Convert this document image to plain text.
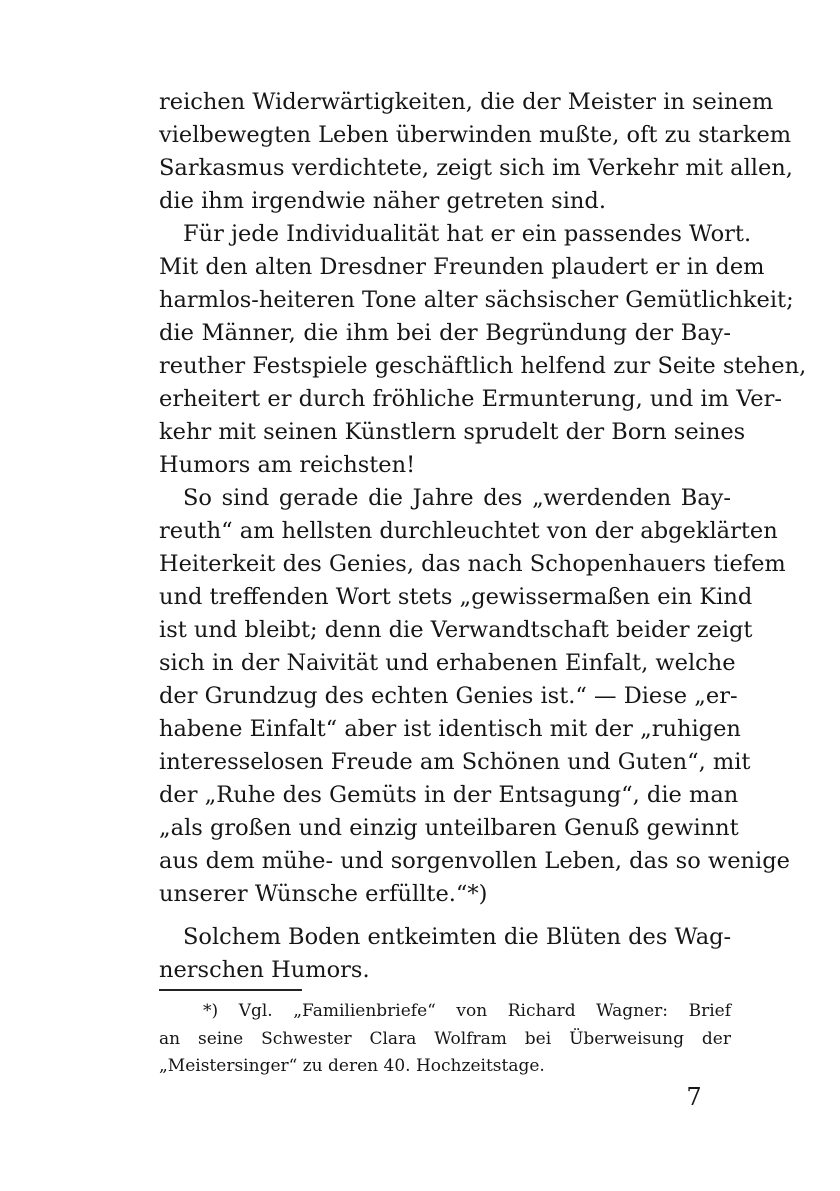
reichen Widerwärtigkeiten, die der Meister in seinem
vielbewegten Leben überwinden mußte, oft zu starkem
Sarkasmus verdichtete, zeigt sich im Verkehr mit allen,
die ihm irgendwie näher getreten sind.
Für jede Individualität hat er ein passendes Wort.
Mit den alten Dresdner Freunden plaudert er in dem
harmlos-heiteren Tone alter sächsischer Gemütlichkeit;
die Männer, die ihm bei der Begründung der Bay-
reuther Festspiele geschäftlich helfend zur Seite stehen,
erheitert er durch fröhliche Ermunterung, und im Ver-
kehr mit seinen Künstlern sprudelt der Born seines
Humors am reichsten!
So sind gerade die Jahre des „werdenden Bay-
reuth“ am hellsten durchleuchtet von der abgeklärten
Heiterkeit des Genies, das nach Schopenhauers tiefem
und treffenden Wort stets „gewissermaßen ein Kind
ist und bleibt; denn die Verwandtschaft beider zeigt
sich in der Naivität und erhabenen Einfalt, welche
der Grundzug des echten Genies ist.“ — Diese „er-
habene Einfalt“ aber ist identisch mit der „ruhigen
interesselosen Freude am Schönen und Guten“, mit
der „Ruhe des Gemüts in der Entsagung“, die man
„als großen und einzig unteilbaren Genuß gewinnt
aus dem mühe- und sorgenvollen Leben, das so wenige
unserer Wünsche erfüllte.“*)
Solchem Boden entkeimten die Blüten des Wag-
nerschen Humors.
*) Vgl. „Familienbriefe“ von Richard Wagner: Brief
an seine Schwester Clara Wolfram bei Überweisung der
„Meistersinger“ zu deren 40. Hochzeitstage.
7
